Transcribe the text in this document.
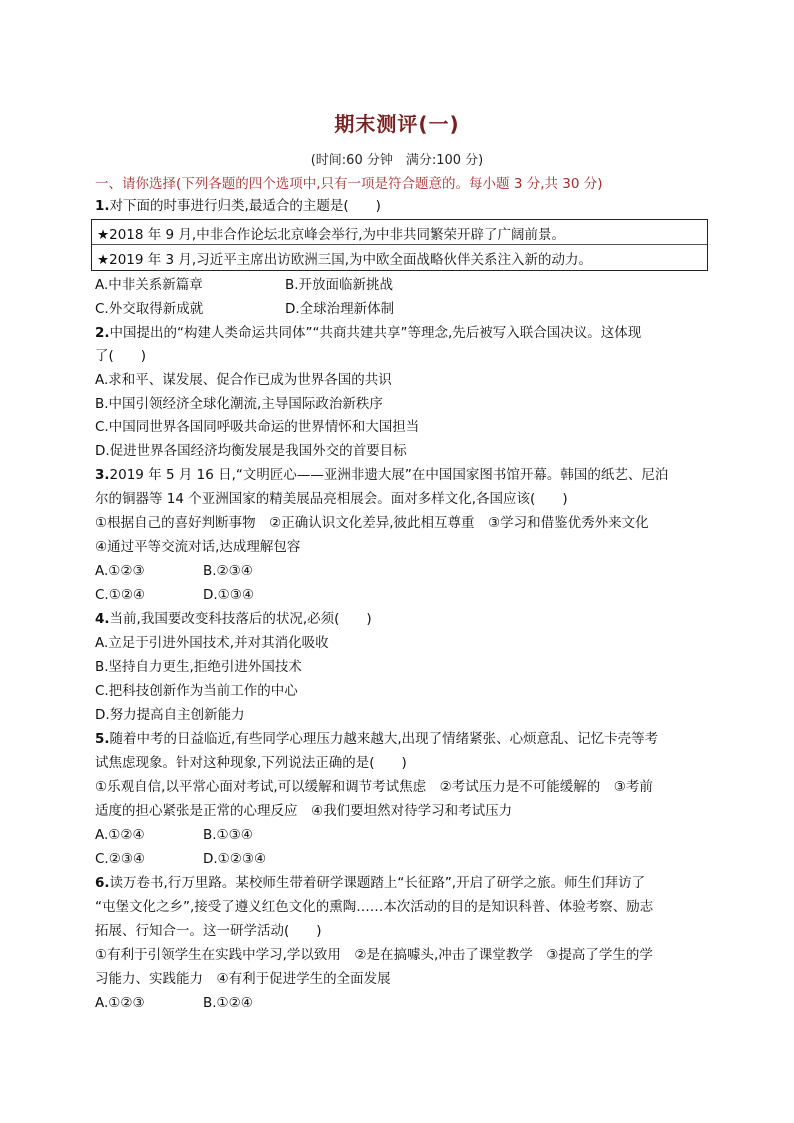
期末测评(一)
(时间:60 分钟　满分:100 分)
一、请你选择(下列各题的四个选项中,只有一项是符合题意的。每小题 3 分,共 30 分)
1.对下面的时事进行归类,最适合的主题是(　　)
★2018 年 9 月,中非合作论坛北京峰会举行,为中非共同繁荣开辟了广阔前景。
★2019 年 3 月,习近平主席出访欧洲三国,为中欧全面战略伙伴关系注入新的动力。
A.中非关系新篇章	B.开放面临新挑战
C.外交取得新成就	D.全球治理新体制
2.中国提出的“构建人类命运共同体”“共商共建共享”等理念,先后被写入联合国决议。这体现
了(　　)
A.求和平、谋发展、促合作已成为世界各国的共识
B.中国引领经济全球化潮流,主导国际政治新秩序
C.中国同世界各国同呼吸共命运的世界情怀和大国担当
D.促进世界各国经济均衡发展是我国外交的首要目标
3.2019 年 5 月 16 日,“文明匠心——亚洲非遗大展”在中国国家图书馆开幕。韩国的纸艺、尼泊
尔的铜器等 14 个亚洲国家的精美展品亮相展会。面对多样文化,各国应该(　　)
①根据自己的喜好判断事物　②正确认识文化差异,彼此相互尊重　③学习和借鉴优秀外来文化
④通过平等交流对话,达成理解包容
A.①②③	B.②③④
C.①②④	D.①③④
4.当前,我国要改变科技落后的状况,必须(　　)
A.立足于引进外国技术,并对其消化吸收
B.坚持自力更生,拒绝引进外国技术
C.把科技创新作为当前工作的中心
D.努力提高自主创新能力
5.随着中考的日益临近,有些同学心理压力越来越大,出现了情绪紧张、心烦意乱、记忆卡壳等考
试焦虑现象。针对这种现象,下列说法正确的是(　　)
①乐观自信,以平常心面对考试,可以缓解和调节考试焦虑　②考试压力是不可能缓解的　③考前
适度的担心紧张是正常的心理反应　④我们要坦然对待学习和考试压力
A.①②④	B.①③④
C.②③④	D.①②③④
6.读万卷书,行万里路。某校师生带着研学课题踏上“长征路”,开启了研学之旅。师生们拜访了
“屯堡文化之乡”,接受了遵义红色文化的熏陶……本次活动的目的是知识科普、体验考察、励志
拓展、行知合一。这一研学活动(　　)
①有利于引领学生在实践中学习,学以致用　②是在搞噱头,冲击了课堂教学　③提高了学生的学
习能力、实践能力　④有利于促进学生的全面发展
A.①②③	B.①②④
